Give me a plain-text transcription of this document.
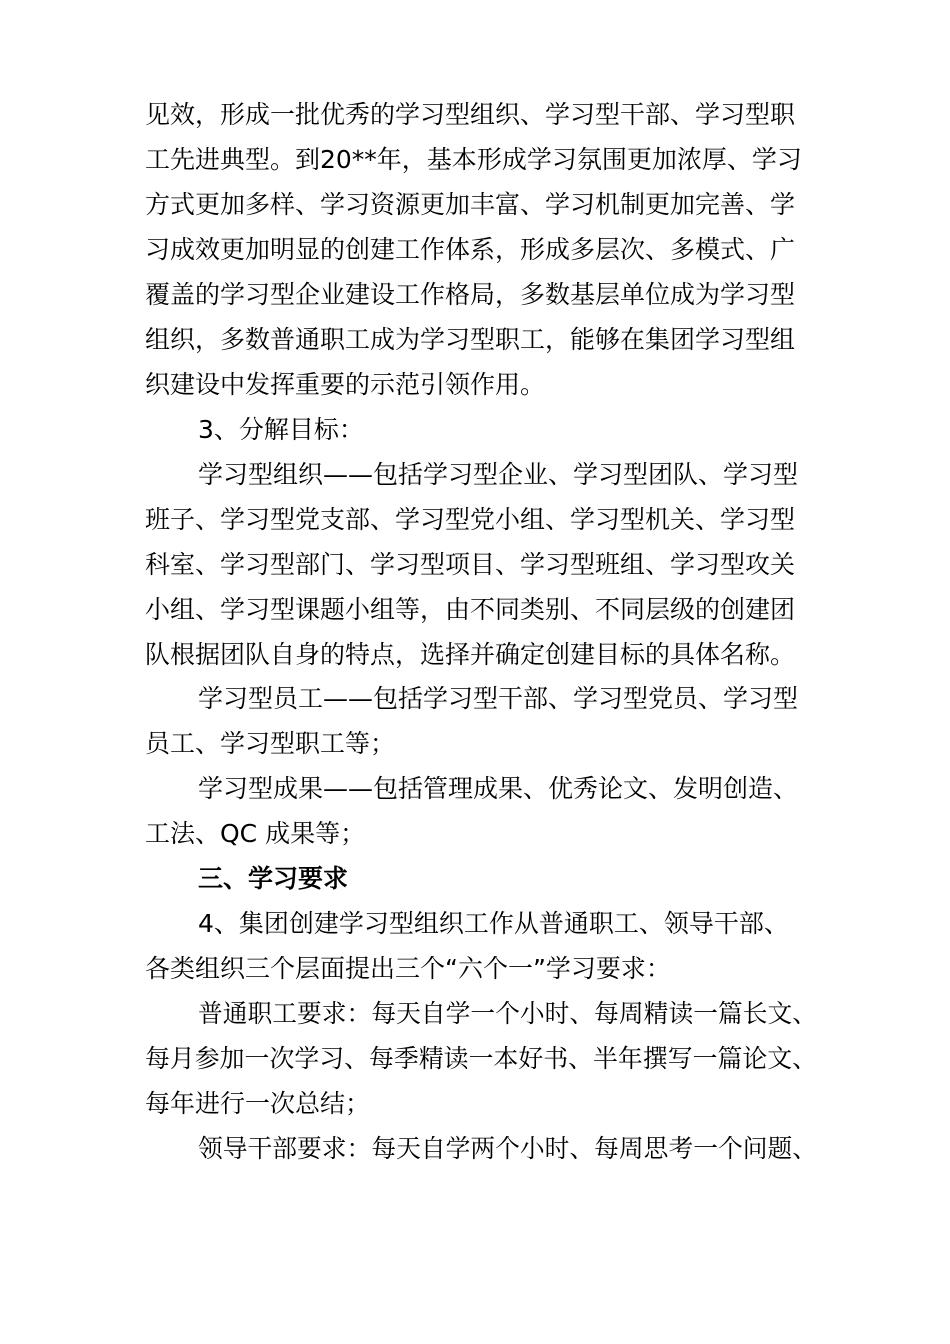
见效，形成一批优秀的学习型组织、学习型干部、学习型职
工先进典型。到20**年，基本形成学习氛围更加浓厚、学习
方式更加多样、学习资源更加丰富、学习机制更加完善、学
习成效更加明显的创建工作体系，形成多层次、多模式、广
覆盖的学习型企业建设工作格局，多数基层单位成为学习型
组织，多数普通职工成为学习型职工，能够在集团学习型组
织建设中发挥重要的示范引领作用。
3、分解目标：
学习型组织——包括学习型企业、学习型团队、学习型
班子、学习型党支部、学习型党小组、学习型机关、学习型
科室、学习型部门、学习型项目、学习型班组、学习型攻关
小组、学习型课题小组等，由不同类别、不同层级的创建团
队根据团队自身的特点，选择并确定创建目标的具体名称。
学习型员工——包括学习型干部、学习型党员、学习型
员工、学习型职工等；
学习型成果——包括管理成果、优秀论文、发明创造、
工法、QC 成果等；
三、学习要求
4、集团创建学习型组织工作从普通职工、领导干部、
各类组织三个层面提出三个“六个一”学习要求：
普通职工要求：每天自学一个小时、每周精读一篇长文、
每月参加一次学习、每季精读一本好书、半年撰写一篇论文、
每年进行一次总结；
领导干部要求：每天自学两个小时、每周思考一个问题、
